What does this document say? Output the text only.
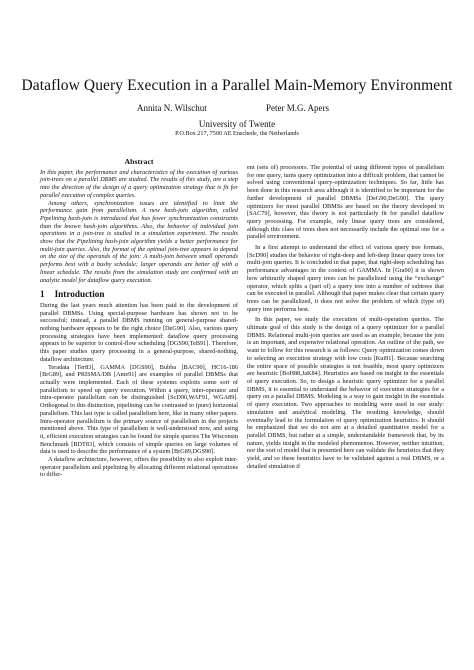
Dataflow Query Execution in a Parallel Main-Memory Environment
Annita N. Wilschut	Peter M.G. Apers
University of Twente
P.O.Box 217, 7500 AE Enschede, the Netherlands
Abstract

In this paper, the performance and characteristics of the execution of various join-trees on a parallel DBMS are studied. The results of this study, are a step into the direction of the design of a query optimization strategy that is fit for parallel execution of complex queries.

Among others, synchronization issues are identified to limit the performance gain from parallelism. A new hash-join algorithm, called Pipelining hash-join is introduced that has fewer synchronization constraints than the known hash-join algorithms. Also, the behavior of individual join operations in a join-tree is studied in a simulation experiment. The results show that the Pipelining hash-join algorithm yields a better performance for multi-join queries. Also, the format of the optimal join-tree appears to depend on the size of the operands of the join: A multi-join between small operands performs best with a bushy schedule; larger operands are better off with a linear schedule. The results from the simulation study are confirmed with an analytic model for dataflow query execution.

1 Introduction

During the last years much attention has been paid to the development of parallel DBMSs. Using special-purpose hardware has shown not to be successful; instead, a parallel DBMS running on general-purpose shared-nothing hardware appears to be the right choice [DeG90]. Also, various query processing strategies have been implemented: dataflow query processing appears to be superior to control-flow scheduling [DGS90,TeB91]. Therefore, this paper studies query processing in a general-purpose, shared-nothing, dataflow architecture.

Teradata [Ter83], GAMMA [DGS90], Bubba [BAC90], HC16-186 [BrG89], and PRISMA/DB [Ame91] are examples of parallel DBMSs that actually were implemented. Each of these systems exploits some sort of parallelism to speed up query execution. Within a query, inter-operator and intra-operator parallelism can be distinguished [ScD90,WAF91, WGA89]. Orthogonal to this distinction, pipelining can be contrasted to (pure) horizontal parallelism. This last type is called parallelism here, like in many other papers. Intra-operator parallelism is the primary source of parallelism in the projects mentioned above. This type of parallelism is well-understood now, and using it, efficient execution strategies can be found for simple queries The Wisconsin Benchmark [BDT83], which consists of simple queries on large volumes of data is used to describe the performance of a system [BrG89,DGS90].

A dataflow architecture, however, offers the possibility to also exploit inter-operator parallelism and pipelining by allocating different relational operations to differ-

ent (sets of) processors. The potential of using different types of parallelism for one query, turns query optimization into a difficult problem, that cannot be solved using conventional query-optimization techniques. So far, little has been done in this research area although it is identified to be important for the further development of parallel DBMSs [DeG90,DeG90]. The query optimizers for most parallel DBMSs are based on the theory developed in [SAC79], however, this theory is not particularly fit for parallel dataflow query processing. For example, only linear query trees are considered, although this class of trees does not necessarily include the optimal one for a parallel environment.

In a first attempt to understand the effect of various query tree formats, [ScD90] studies the behavior of right-deep and left-deep linear query trees for multi-join queries. It is concluded in that paper, that right-deep scheduling has performance advantages in the context of GAMMA. In [Gra90] it is shown how arbitrarily shaped query trees can be parallelized using the “exchange” operator, which splits a (part of) a query tree into a number of subtrees that can be executed in parallel. Although that paper makes clear that certain query trees can be parallelized, it does not solve the problem of which (type of) query tree performs best.

In this paper, we study the execution of multi-operation queries. The ultimate goal of this study is the design of a query optimizer for a parallel DBMS. Relational multi-join queries are used as an example, because the join is an important, and expensive relational operation. An outline of the path, we want to follow for this research is as follows: Query optimization comes down to selecting an execution strategy with low costs [Kui91]. Because searching the entire space of possible strategies is not feasible, most query optimizers are heuristic [BoH88,JaK84]. Heuristics are based on insight in the essentials of query execution. So, to design a heuristic query optimizer for a parallel DBMS, it is essential to understand the behavior of execution strategies for a query on a parallel DBMS. Modeling is a way to gain insight in the essentials of query execution. Two approaches to modeling were used in our study: simulation and analytical modeling. The resulting knowledge, should eventually lead to the formulation of query optimization heuristics. It should be emphasized that we do not aim at a detailed quantitative model for a parallel DBMS, but rather at a simple, understandable framework that, by its nature, yields insight in the modeled phenomenon. However, neither intuition, nor the sort of model that is presented here can validate the heuristics that they yield, and so these heuristics have to be validated against a real DBMS, or a detailed simulation if
